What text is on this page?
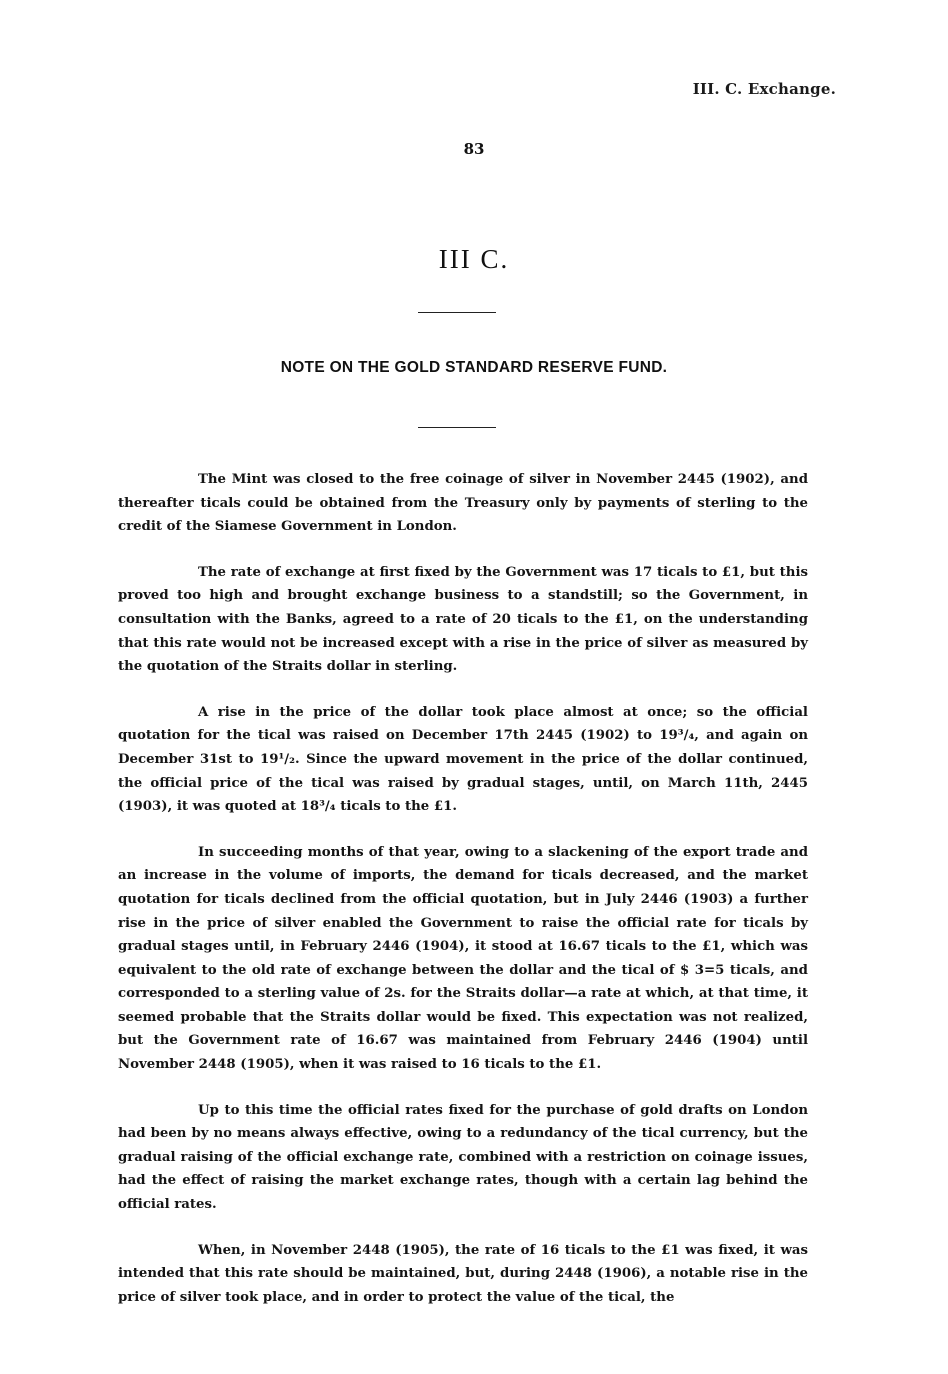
III. C. Exchange.
83
III C.
NOTE ON THE GOLD STANDARD RESERVE FUND.

The Mint was closed to the free coinage of silver in November 2445 (1902), and thereafter ticals could be obtained from the Treasury only by payments of sterling to the credit of the Siamese Government in London.

The rate of exchange at first fixed by the Government was 17 ticals to £1, but this proved too high and brought exchange business to a standstill; so the Government, in consultation with the Banks, agreed to a rate of 20 ticals to the £1, on the understanding that this rate would not be increased except with a rise in the price of silver as measured by the quotation of the Straits dollar in sterling.

A rise in the price of the dollar took place almost at once; so the official quotation for the tical was raised on December 17th 2445 (1902) to 19³/₄, and again on December 31st to 19¹/₂. Since the upward movement in the price of the dollar continued, the official price of the tical was raised by gradual stages, until, on March 11th, 2445 (1903), it was quoted at 18³/₄ ticals to the £1.

In succeeding months of that year, owing to a slackening of the export trade and an increase in the volume of imports, the demand for ticals decreased, and the market quotation for ticals declined from the official quotation, but in July 2446 (1903) a further rise in the price of silver enabled the Government to raise the official rate for ticals by gradual stages until, in February 2446 (1904), it stood at 16.67 ticals to the £1, which was equivalent to the old rate of exchange between the dollar and the tical of $ 3=5 ticals, and corresponded to a sterling value of 2s. for the Straits dollar—a rate at which, at that time, it seemed probable that the Straits dollar would be fixed. This expectation was not realized, but the Government rate of 16.67 was maintained from February 2446 (1904) until November 2448 (1905), when it was raised to 16 ticals to the £1.

Up to this time the official rates fixed for the purchase of gold drafts on London had been by no means always effective, owing to a redundancy of the tical currency, but the gradual raising of the official exchange rate, combined with a restriction on coinage issues, had the effect of raising the market exchange rates, though with a certain lag behind the official rates.

When, in November 2448 (1905), the rate of 16 ticals to the £1 was fixed, it was intended that this rate should be maintained, but, during 2448 (1906), a notable rise in the price of silver took place, and in order to protect the value of the tical, the
